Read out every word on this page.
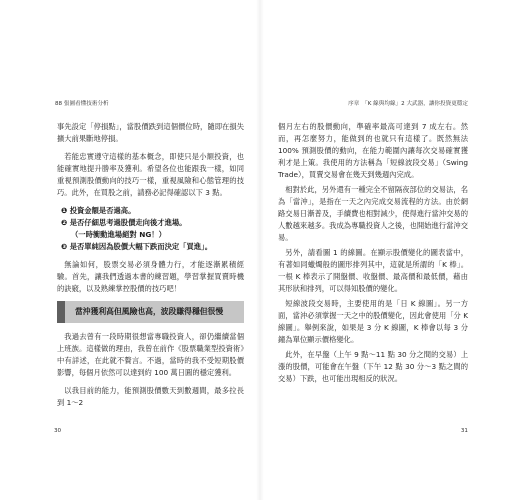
88 張圖看懂技術分析

事先設定「停損點」，當股價跌到這個價位時，隨即在損失擴大前果斷地停損。

若能忠實遵守這樣的基本概念，即使只是小額投資，也能確實地提升勝率及獲利。希望各位也能跟我一樣，如同重視預測股價動向的技巧一樣，重視風險和心態管理的技巧。此外，在買股之前，請務必記得確認以下 3 點。

❶ 投資金額是否過高。
❷ 是否仔細思考過股價走向後才進場。
（一時衝動進場絕對 NG！）
❸ 是否單純因為股價大幅下跌而決定「買進」。

無論如何，股票交易必須身體力行，才能逐漸累積經驗。首先，讓我們透過本書的練習題，學習掌握買賣時機的訣竅，以及熟練掌控股價的技巧吧！

當沖獲利高但風險也高，波段賺得穩但很慢

我過去曾有一段時期很想當專職投資人，卻仍繼續當個上班族。這樣做的理由，我曾在前作《股票職業型投資術》中有詳述，在此就不贅言。不過，當時的我不受短期股價影響，每個月依然可以達到約 100 萬日圓的穩定獲利。

以我目前的能力，能預測股價數天到數週間，最多拉長到 1～2

30
序章　「K 線與均線」2 大武器，讓你投資更穩定

個月左右的股價動向，準確率最高可達到 7 成左右。然而，再怎麼努力，能做到的也就只有這樣了。既然無法 100% 預測股價的動向，在能力範圍內讓每次交易確實獲利才是上策。我使用的方法稱為「短線波段交易」（Swing Trade），買賣交易會在幾天到幾週內完成。

相對於此，另外還有一種完全不留隔夜部位的交易法，名為「當沖」，是指在一天之內完成交易流程的方法。由於網路交易日漸普及，手續費也相對減少，使得進行當沖交易的人數越來越多。我成為專職投資人之後，也開始進行當沖交易。

另外，請看圖 1 的線圖。在顯示股價變化的圖表當中，有著如同蠟燭般的圖形排列其中，這就是所謂的「K 棒」。一根 K 棒表示了開盤價、收盤價、最高價和最低價，藉由其形狀和排列，可以得知股價的變化。

短線波段交易時，主要使用的是「日 K 線圖」。另一方面，當沖必須掌握一天之中的股價變化，因此會使用「分 K 線圖」。舉例來說，如果是 3 分 K 線圖，K 棒會以每 3 分鐘為單位顯示價格變化。

此外，在早盤（上午 9 點～11 點 30 分之間的交易）上漲的股價，可能會在午盤（下午 12 點 30 分～3 點之間的交易）下跌，也可能出現相反的狀況。

31
